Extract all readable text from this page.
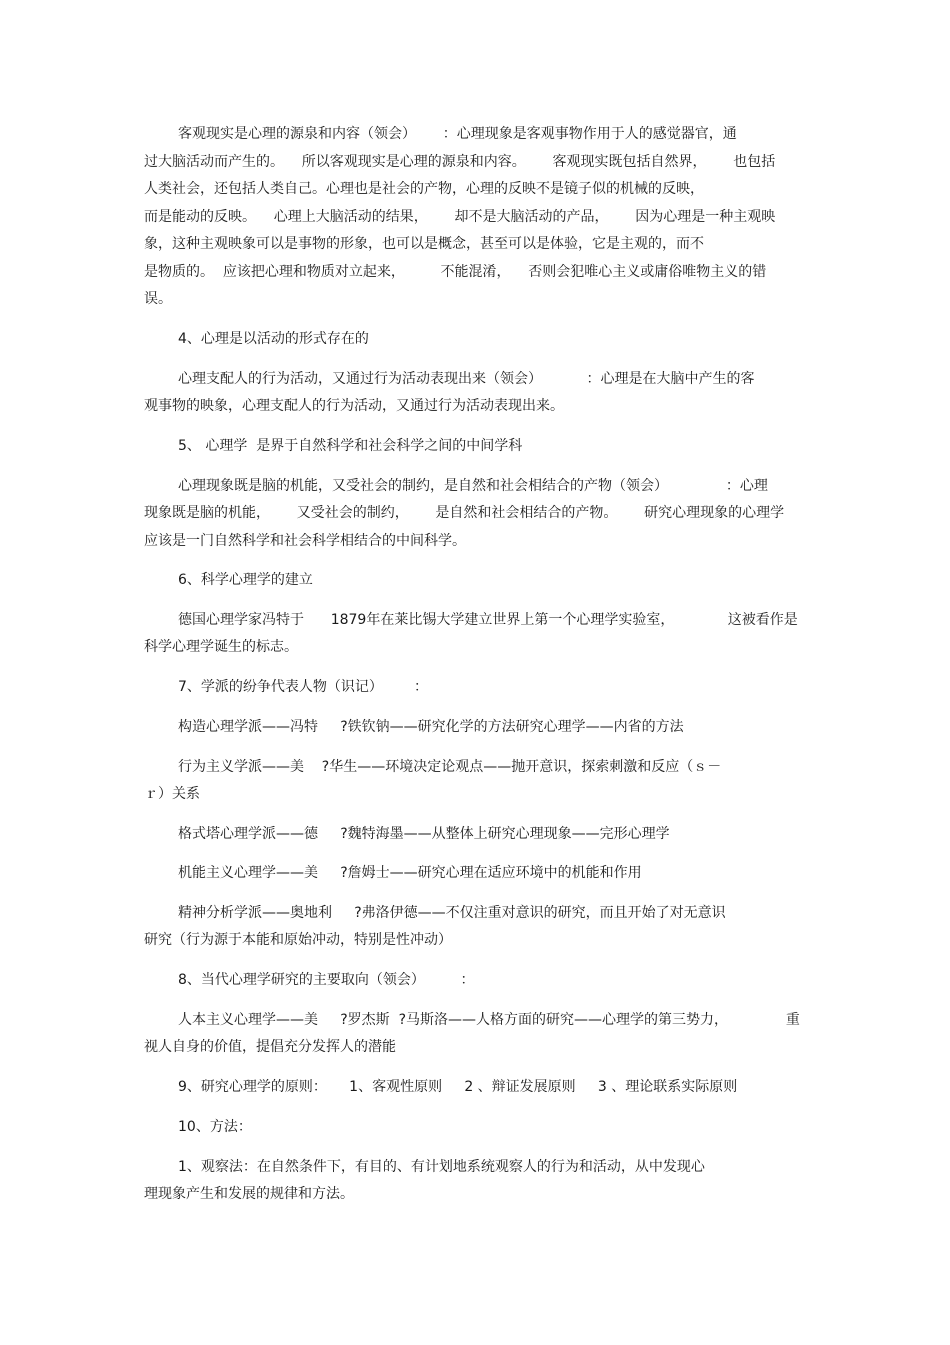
客观现实是心理的源泉和内容（领会）      ：心理现象是客观事物作用于人的感觉器官，通
过大脑活动而产生的。    所以客观现实是心理的源泉和内容。      客观现实既包括自然界，      也包括
人类社会，还包括人类自己。心理也是社会的产物，心理的反映不是镜子似的机械的反映，
而是能动的反映。    心理上大脑活动的结果，      却不是大脑活动的产品，      因为心理是一种主观映
象，这种主观映象可以是事物的形象，也可以是概念，甚至可以是体验，它是主观的，而不
是物质的。  应该把心理和物质对立起来，        不能混淆，    否则会犯唯心主义或庸俗唯物主义的错
误。
4、心理是以活动的形式存在的
心理支配人的行为活动，又通过行为活动表现出来（领会）          ：心理是在大脑中产生的客
观事物的映象，心理支配人的行为活动，又通过行为活动表现出来。
5、 心理学  是界于自然科学和社会科学之间的中间学科
心理现象既是脑的机能，又受社会的制约，是自然和社会相结合的产物（领会）             ：心理
现象既是脑的机能，      又受社会的制约，      是自然和社会相结合的产物。      研究心理现象的心理学
应该是一门自然科学和社会科学相结合的中间科学。
6、科学心理学的建立
德国心理学家冯特于      1879年在莱比锡大学建立世界上第一个心理学实验室，            这被看作是
科学心理学诞生的标志。
7、学派的纷争代表人物（识记）       ：
构造心理学派——冯特     ?铁钦钠——研究化学的方法研究心理学——内省的方法
行为主义学派——美    ?华生——环境决定论观点——抛开意识，探索刺激和反应（ｓ－
ｒ）关系
格式塔心理学派——德     ?魏特海墨——从整体上研究心理现象——完形心理学
机能主义心理学——美     ?詹姆士——研究心理在适应环境中的机能和作用
精神分析学派——奥地利     ?弗洛伊德——不仅注重对意识的研究，而且开始了对无意识
研究（行为源于本能和原始冲动，特别是性冲动）
8、当代心理学研究的主要取向（领会）        ：
人本主义心理学——美     ?罗杰斯  ?马斯洛——人格方面的研究——心理学的第三势力，             重
视人自身的价值，提倡充分发挥人的潜能
9、研究心理学的原则：     1、客观性原则     2 、辩证发展原则     3 、理论联系实际原则
10、方法：
1、观察法：在自然条件下，有目的、有计划地系统观察人的行为和活动，从中发现心
理现象产生和发展的规律和方法。
